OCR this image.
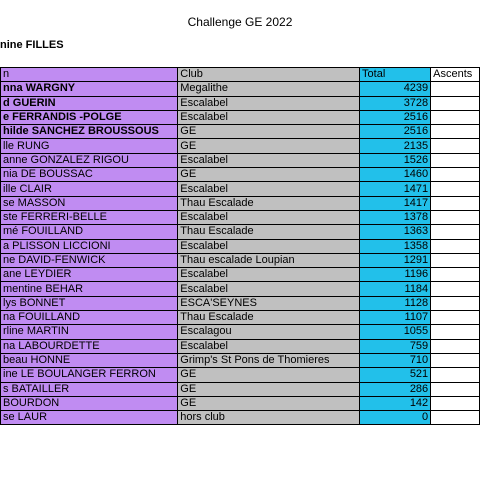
Challenge GE 2022
nine FILLES
n	Club	Total	Ascents
nna WARGNY	Megalithe	4239	
d GUERIN	Escalabel	3728	
e FERRANDIS -POLGE	Escalabel	2516	
hilde SANCHEZ BROUSSOUS	GE	2516	
lle RUNG	GE	2135	
anne GONZALEZ RIGOU	Escalabel	1526	
nia DE BOUSSAC	GE	1460	
ille CLAIR	Escalabel	1471	
se MASSON	Thau Escalade	1417	
ste FERRERI-BELLE	Escalabel	1378	
mé FOUILLAND	Thau Escalade	1363	
a PLISSON LICCIONI	Escalabel	1358	
ne DAVID-FENWICK	Thau escalade Loupian	1291	
ane LEYDIER	Escalabel	1196	
mentine BEHAR	Escalabel	1184	
lys BONNET	ESCA'SEYNES	1128	
na FOUILLAND	Thau Escalade	1107	
rline MARTIN	Escalagou	1055	
na LABOURDETTE	Escalabel	759	
beau HONNE	Grimp's St Pons de Thomieres	710	
ine LE BOULANGER FERRON	GE	521	
s BATAILLER	GE	286	
BOURDON	GE	142	
se LAUR	hors club	0	
